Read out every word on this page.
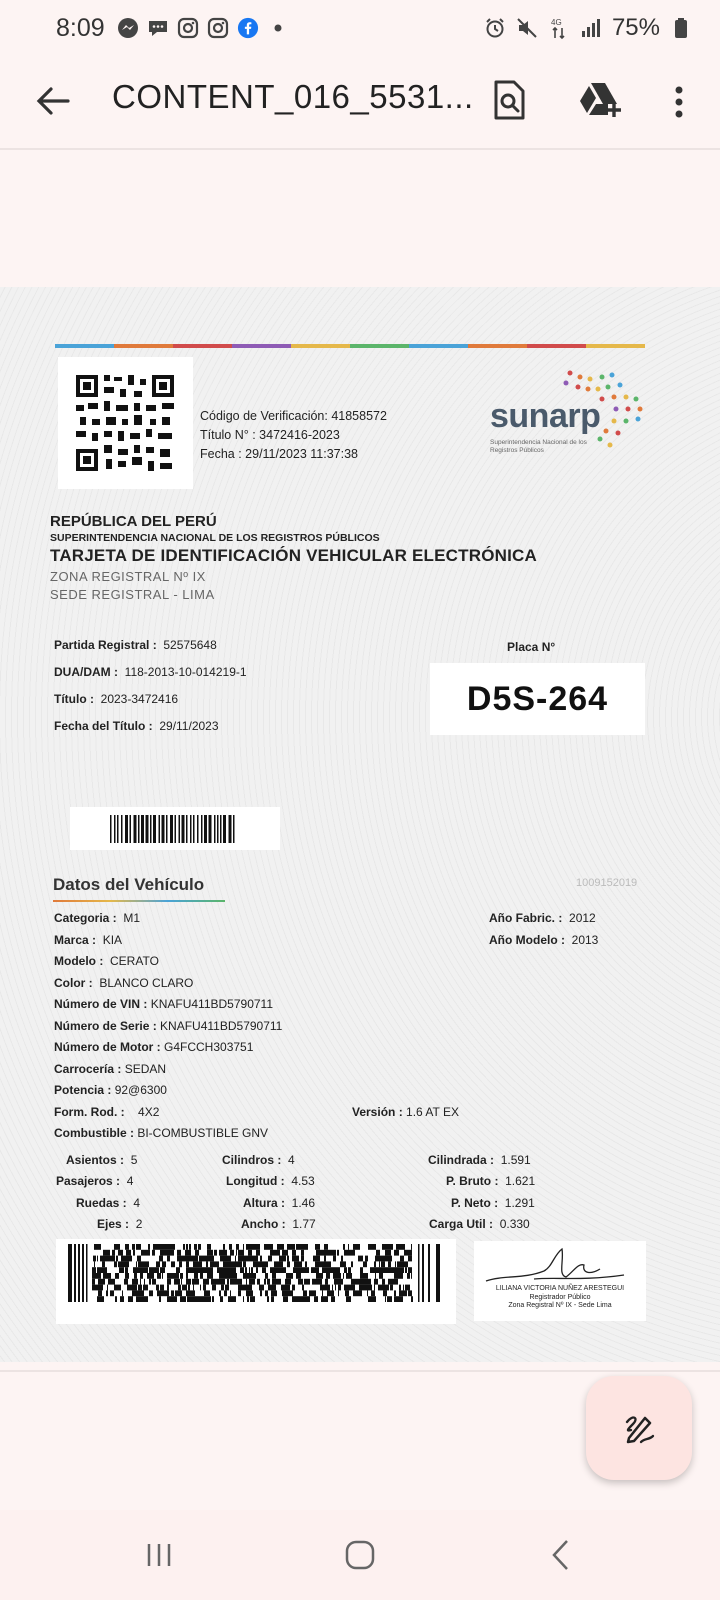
8:09	4G 75%
CONTENT_016_5531...
Código de Verificación: 41858572
Título N° : 3472416-2023
Fecha : 29/11/2023 11:37:38
sunarp
Superintendencia Nacional de los Registros Públicos
REPÚBLICA DEL PERÚ
SUPERINTENDENCIA NACIONAL DE LOS REGISTROS PÚBLICOS
TARJETA DE IDENTIFICACIÓN VEHICULAR ELECTRÓNICA
ZONA REGISTRAL Nº IX
SEDE REGISTRAL - LIMA
Partida Registral : 52575648
DUA/DAM : 118-2013-10-014219-1
Título : 2023-3472416
Fecha del Título : 29/11/2023
Placa N°
D5S-264
Datos del Vehículo	1009152019
Categoria : M1
Marca : KIA
Modelo : CERATO
Color : BLANCO CLARO
Número de VIN : KNAFU411BD5790711
Número de Serie : KNAFU411BD5790711
Número de Motor : G4FCCH303751
Carrocería : SEDAN
Potencia : 92@6300
Form. Rod. : 4X2
Combustible : BI-COMBUSTIBLE GNV
Año Fabric. : 2012
Año Modelo : 2013
Versión : 1.6 AT EX
Asientos : 5
Pasajeros : 4
Ruedas : 4
Ejes : 2
Cilindros : 4
Longitud : 4.53
Altura : 1.46
Ancho : 1.77
Cilindrada : 1.591
P. Bruto : 1.621
P. Neto : 1.291
Carga Util : 0.330
LILIANA VICTORIA NUÑEZ ARESTEGUI
Registrador Público
Zona Registral Nº IX - Sede Lima
